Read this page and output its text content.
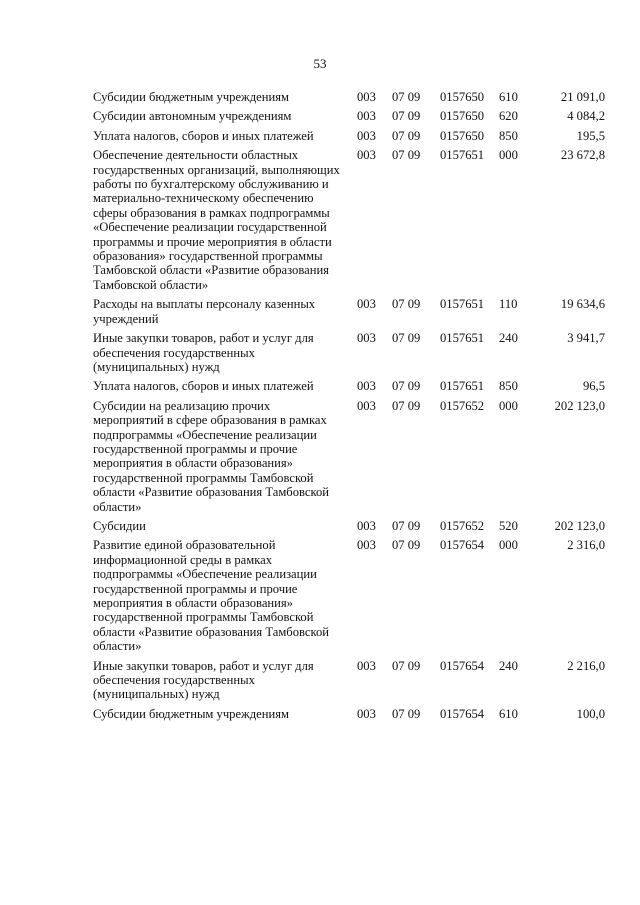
53
Субсидии бюджетным учреждениям	003	07 09	0157650	610	21 091,0
Субсидии автономным учреждениям	003	07 09	0157650	620	4 084,2
Уплата налогов, сборов и иных платежей	003	07 09	0157650	850	195,5
Обеспечение деятельности областных государственных организаций, выполняющих работы по бухгалтерскому обслуживанию и материально-техническому обеспечению сферы образования в рамках подпрограммы «Обеспечение реализации государственной программы и прочие мероприятия в области образования» государственной программы Тамбовской области «Развитие образования Тамбовской области»	003	07 09	0157651	000	23 672,8
Расходы на выплаты персоналу казенных учреждений	003	07 09	0157651	110	19 634,6
Иные закупки товаров, работ и услуг для обеспечения государственных (муниципальных) нужд	003	07 09	0157651	240	3 941,7
Уплата налогов, сборов и иных платежей	003	07 09	0157651	850	96,5
Субсидии на реализацию прочих мероприятий в сфере образования в рамках подпрограммы «Обеспечение реализации государственной программы и прочие мероприятия в области образования» государственной программы Тамбовской области «Развитие образования Тамбовской области»	003	07 09	0157652	000	202 123,0
Субсидии	003	07 09	0157652	520	202 123,0
Развитие единой образовательной информационной среды в рамках подпрограммы «Обеспечение реализации государственной программы и прочие мероприятия в области образования» государственной программы Тамбовской области «Развитие образования Тамбовской области»	003	07 09	0157654	000	2 316,0
Иные закупки товаров, работ и услуг для обеспечения государственных (муниципальных) нужд	003	07 09	0157654	240	2 216,0
Субсидии бюджетным учреждениям	003	07 09	0157654	610	100,0
